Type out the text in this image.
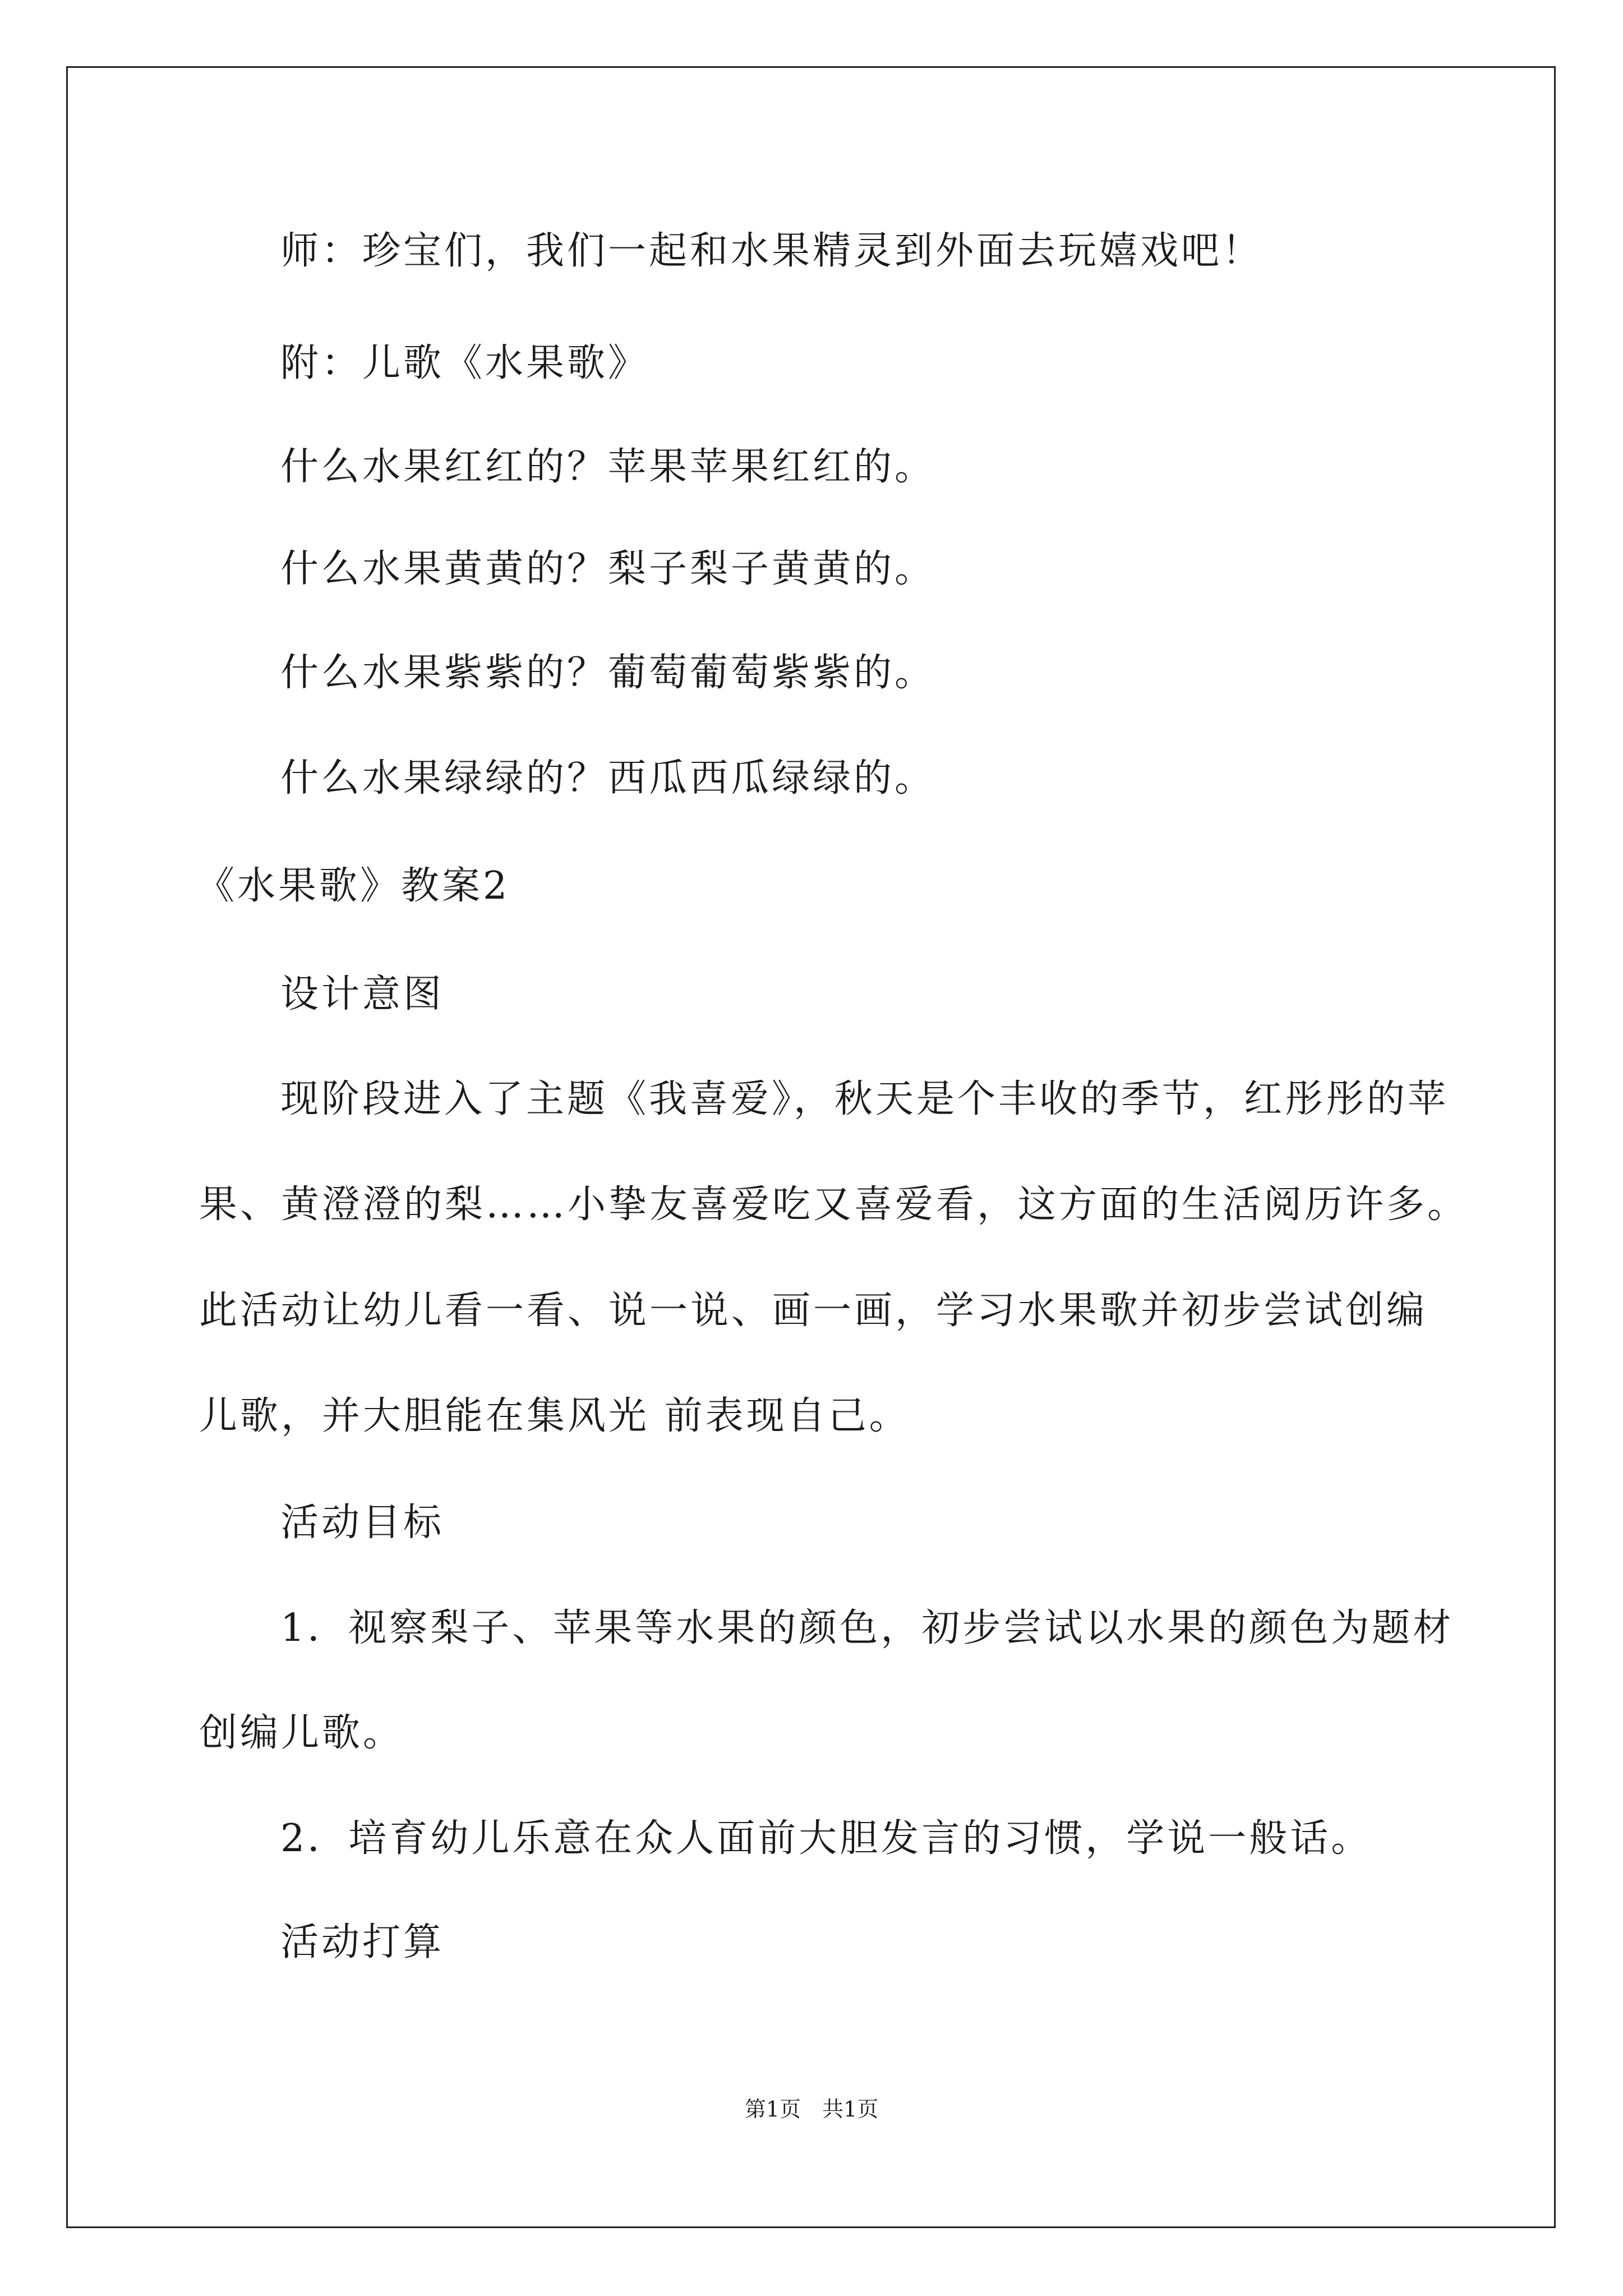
师：珍宝们，我们一起和水果精灵到外面去玩嬉戏吧！
附：儿歌《水果歌》
什么水果红红的？苹果苹果红红的。
什么水果黄黄的？梨子梨子黄黄的。
什么水果紫紫的？葡萄葡萄紫紫的。
什么水果绿绿的？西瓜西瓜绿绿的。
《水果歌》教案2
设计意图
现阶段进入了主题《我喜爱》，秋天是个丰收的季节，红彤彤的苹
果、黄澄澄的梨……小挚友喜爱吃又喜爱看，这方面的生活阅历许多。
此活动让幼儿看一看、说一说、画一画，学习水果歌并初步尝试创编
儿歌，并大胆能在集风光 前表现自己。
活动目标
1．视察梨子、苹果等水果的颜色，初步尝试以水果的颜色为题材
创编儿歌。
2．培育幼儿乐意在众人面前大胆发言的习惯，学说一般话。
活动打算
第1页　共1页
